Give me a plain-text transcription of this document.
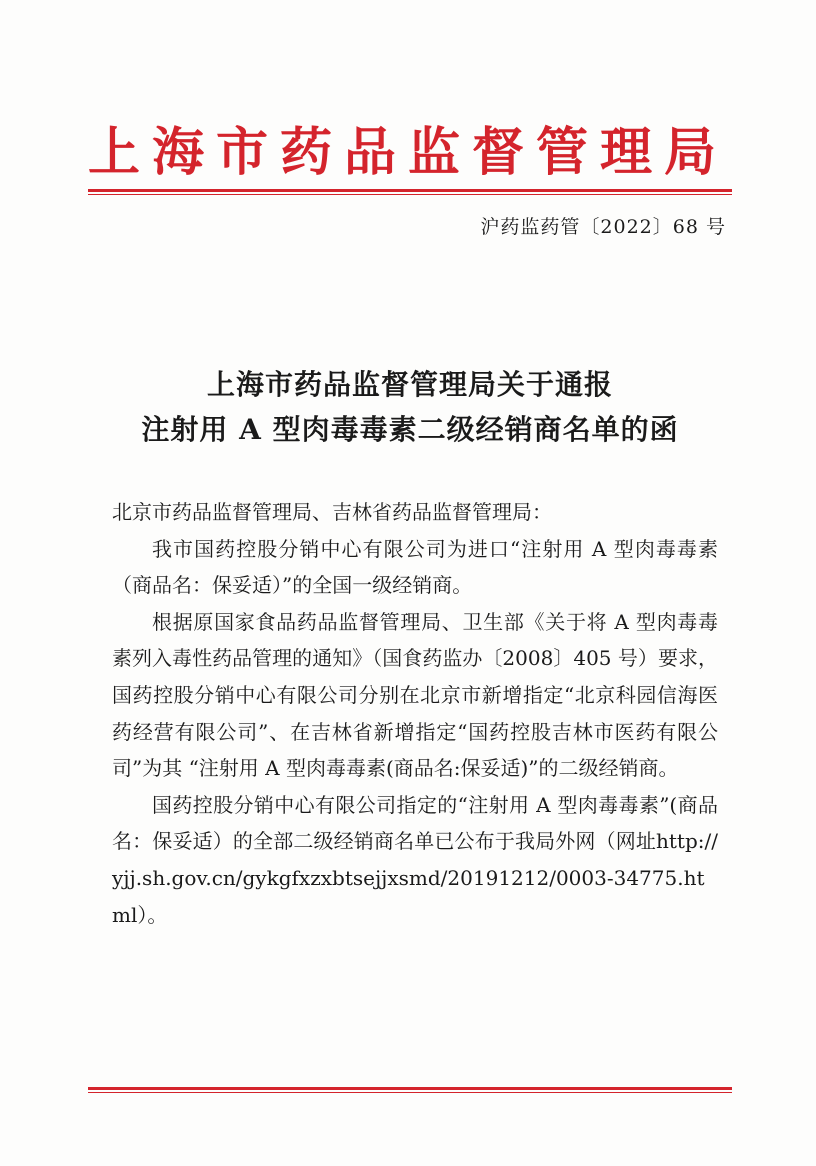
上海市药品监督管理局
沪药监药管〔2022〕68 号
上海市药品监督管理局关于通报
注射用 A 型肉毒毒素二级经销商名单的函

北京市药品监督管理局、吉林省药品监督管理局：

我市国药控股分销中心有限公司为进口“注射用 A 型肉毒毒素（商品名：保妥适）”的全国一级经销商。

根据原国家食品药品监督管理局、卫生部《关于将 A 型肉毒毒素列入毒性药品管理的通知》（国食药监办〔2008〕405 号）要求，国药控股分销中心有限公司分别在北京市新增指定“北京科园信海医药经营有限公司”、在吉林省新增指定“国药控股吉林市医药有限公司”为其 “注射用 A 型肉毒毒素(商品名:保妥适)”的二级经销商。

国药控股分销中心有限公司指定的“注射用 A 型肉毒毒素”(商品名：保妥适）的全部二级经销商名单已公布于我局外网（网址http://yjj.sh.gov.cn/gykgfxzxbtsejjxsmd/20191212/0003-34775.html）。
